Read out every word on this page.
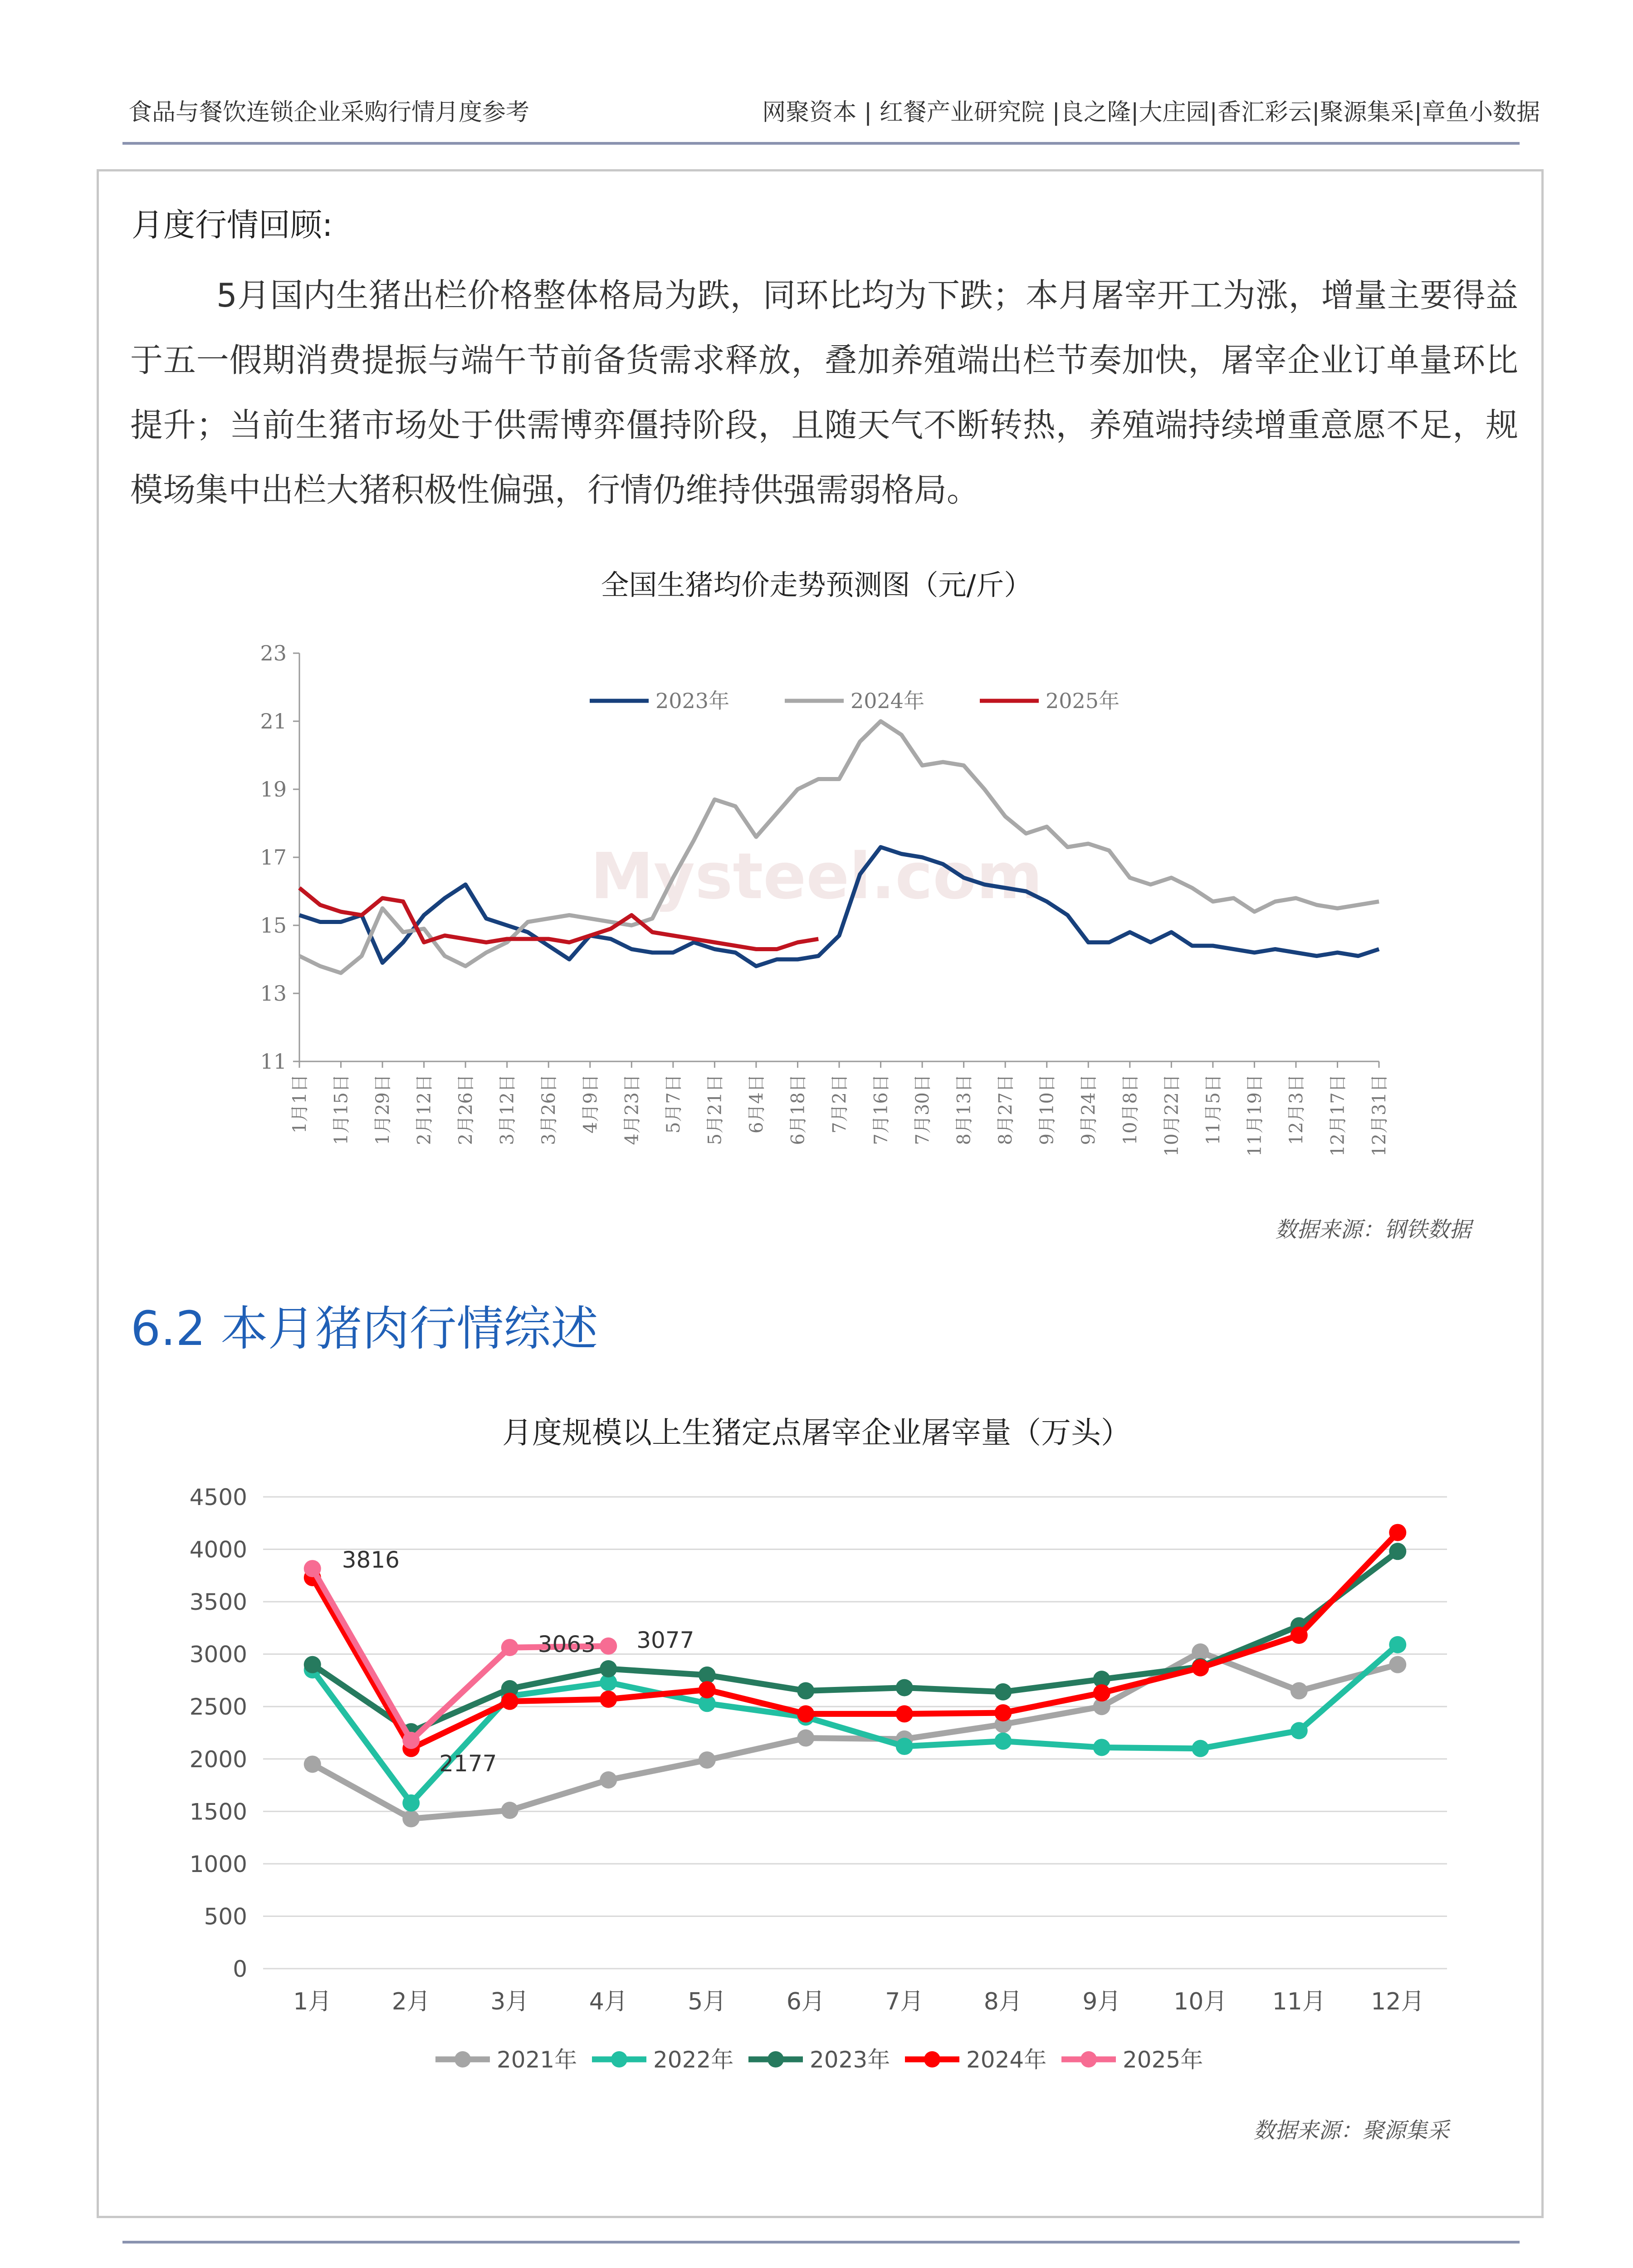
食品与餐饮连锁企业采购行情月度参考	网聚资本 | 红餐产业研究院 |良之隆|大庄园|香汇彩云|聚源集采|章鱼小数据
月度行情回顾:
5月国内生猪出栏价格整体格局为跌，同环比均为下跌；本月屠宰开工为涨，增量主要得益于五一假期消费提振与端午节前备货需求释放，叠加养殖端出栏节奏加快，屠宰企业订单量环比提升；当前生猪市场处于供需博弈僵持阶段，且随天气不断转热，养殖端持续增重意愿不足，规模场集中出栏大猪积极性偏强，行情仍维持供强需弱格局。
全国生猪均价走势预测图（元/斤）
Mysteel.com
11
13
15
17
19
21
23
1月1日 1月15日 1月29日 2月12日 2月26日 3月12日 3月26日 4月9日 4月23日 5月7日 5月21日 6月4日 6月18日 7月2日 7月16日 7月30日 8月13日 8月27日 9月10日 9月24日 10月8日 10月22日 11月5日 11月19日 12月3日 12月17日 12月31日
2023年	2024年	2025年
数据来源：钢铁数据
6.2 本月猪肉行情综述
月度规模以上生猪定点屠宰企业屠宰量（万头）
0
500
1000
1500
2000
2500
3000
3500
4000
4500
1月	2月	3月	4月	5月	6月	7月	8月	9月 10月 11月 12月
3816
2177
3063 3077
2021年	2022年	2023年	2024年	2025年
数据来源：聚源集采
